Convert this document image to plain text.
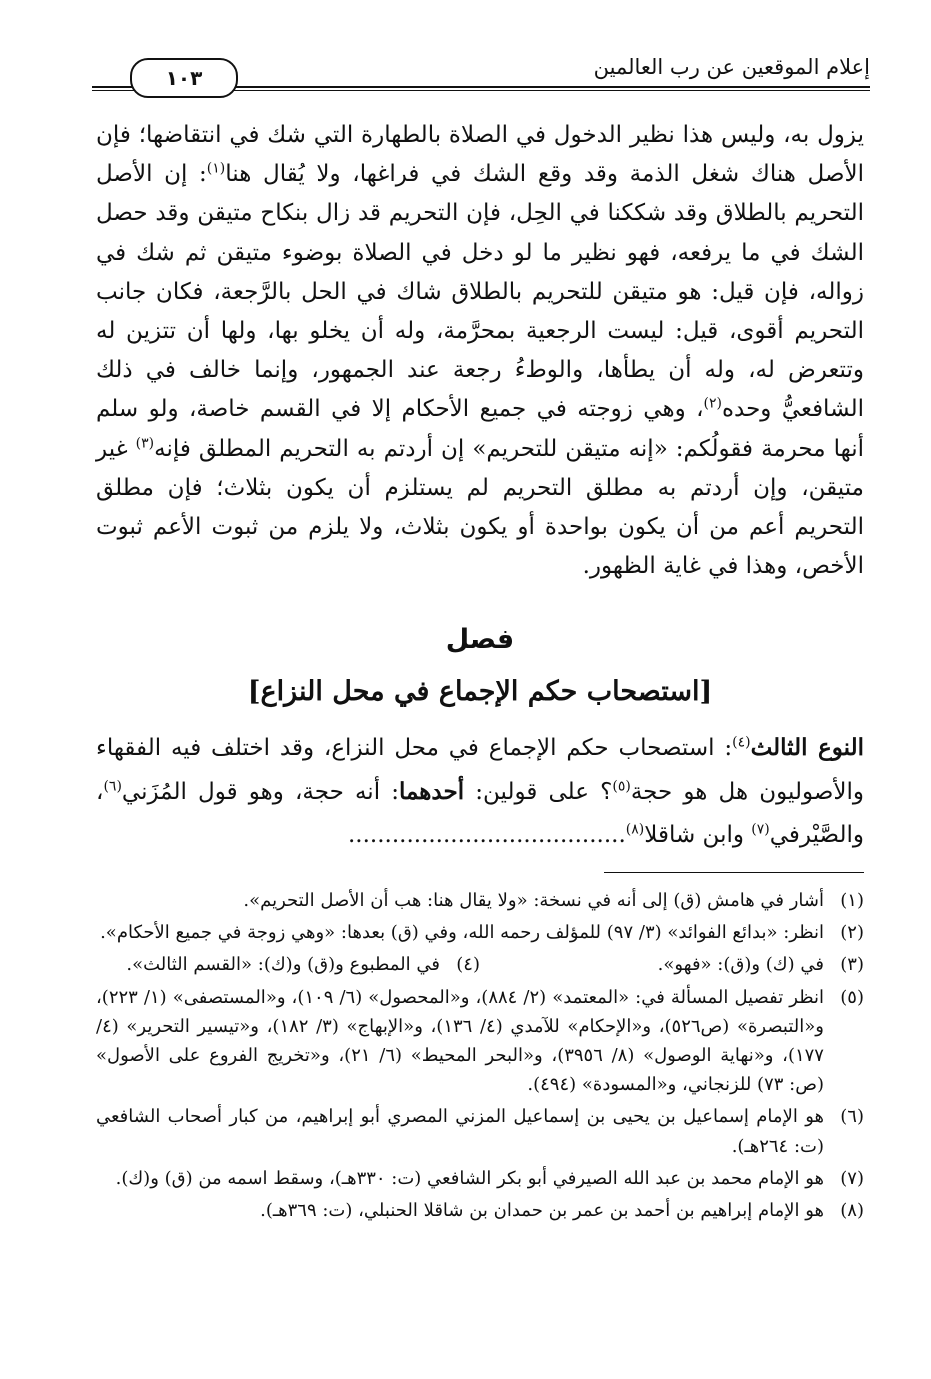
إعلام الموقعين عن رب العالمين
١٠٣

يزول به، وليس هذا نظير الدخول في الصلاة بالطهارة التي شك في انتقاضها؛ فإن الأصل هناك شغل الذمة وقد وقع الشك في فراغها، ولا يُقال هنا$^{(١)}$: إن الأصل التحريم بالطلاق وقد شككنا في الحِل، فإن التحريم قد زال بنكاح متيقن وقد حصل الشك في ما يرفعه، فهو نظير ما لو دخل في الصلاة بوضوء متيقن ثم شك في زواله، فإن قيل: هو متيقن للتحريم بالطلاق شاك في الحل بالرَّجعة، فكان جانب التحريم أقوى، قيل: ليست الرجعية بمحرَّمة، وله أن يخلو بها، ولها أن تتزين له وتتعرض له، وله أن يطأها، والوطءُ رجعة عند الجمهور، وإنما خالف في ذلك الشافعيُّ وحده$^{(٢)}$، وهي زوجته في جميع الأحكام إلا في القسم خاصة، ولو سلم أنها محرمة فقولُكم: «إنه متيقن للتحريم» إن أردتم به التحريم المطلق فإنه$^{(٣)}$ غير متيقن، وإن أردتم به مطلق التحريم لم يستلزم أن يكون بثلاث؛ فإن مطلق التحريم أعم من أن يكون بواحدة أو يكون بثلاث، ولا يلزم من ثبوت الأعم ثبوت الأخص، وهذا في غاية الظهور.

فصل
[استصحاب حكم الإجماع في محل النزاع]

النوع الثالث$^{(٤)}$: استصحاب حكم الإجماع في محل النزاع، وقد اختلف فيه الفقهاء والأصوليون هل هو حجة$^{(٥)}$؟ على قولين: أحدهما: أنه حجة، وهو قول المُزَني$^{(٦)}$، والصَّيْرفي$^{(٧)}$ وابن شاقلا$^{(٨)}$......................................

(١)
أشار في هامش (ق) إلى أنه في نسخة: «ولا يقال هنا: هب أن الأصل التحريم».
(٢)
انظر: «بدائع الفوائد» (٣/ ٩٧) للمؤلف رحمه الله، وفي (ق) بعدها: «وهي زوجة في جميع الأحكام».
(٣)
في (ك) و(ق): «فهو».
(٤)
في المطبوع و(ق) و(ك): «القسم الثالث».
(٥)
انظر تفصيل المسألة في: «المعتمد» (٢/ ٨٨٤)، و«المحصول» (٦/ ١٠٩)، و«المستصفى» (١/ ٢٢٣)، و«التبصرة» (ص٥٢٦)، و«الإحكام» للآمدي (٤/ ١٣٦)، و«الإبهاج» (٣/ ١٨٢)، و«تيسير التحرير» (٤/ ١٧٧)، و«نهاية الوصول» (٨/ ٣٩٥٦)، و«البحر المحيط» (٦/ ٢١)، و«تخريج الفروع على الأصول» (ص: ٧٣) للزنجاني، و«المسودة» (٤٩٤).
(٦)
هو الإمام إسماعيل بن يحيى بن إسماعيل المزني المصري أبو إبراهيم، من كبار أصحاب الشافعي (ت: ٢٦٤هـ).
(٧)
هو الإمام محمد بن عبد الله الصيرفي أبو بكر الشافعي (ت: ٣٣٠هـ)، وسقط اسمه من (ق) و(ك).
(٨)
هو الإمام إبراهيم بن أحمد بن عمر بن حمدان بن شاقلا الحنبلي، (ت: ٣٦٩هـ).
